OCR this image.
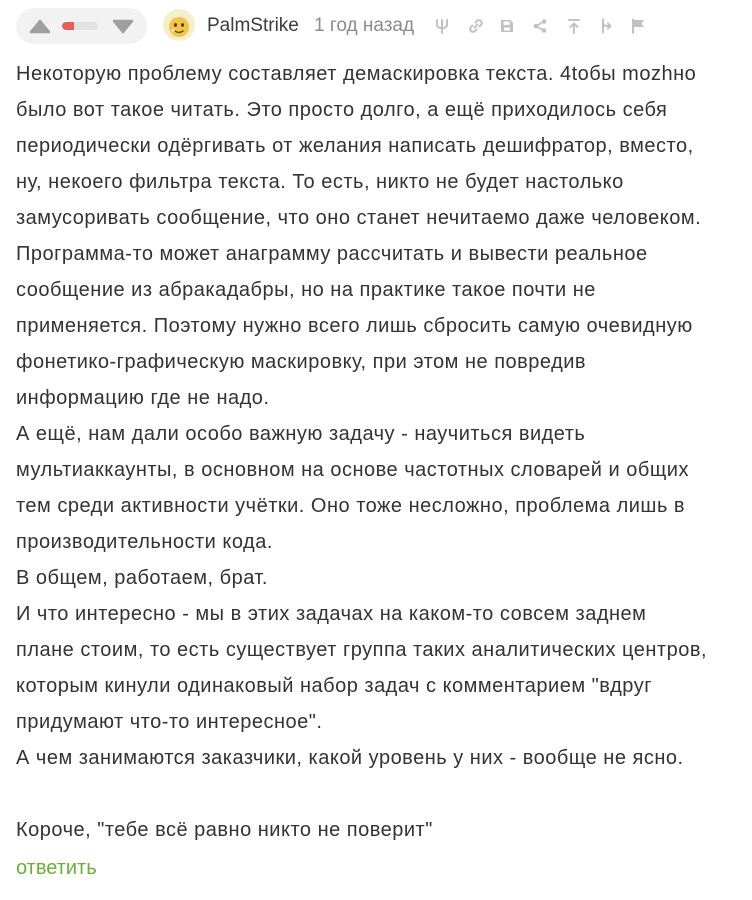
PalmStrike 1 год назад
Некоторую проблему составляет демаскировка текста. 4tобы mozhно
было вот такое читать. Это просто долго, а ещё приходилось себя
периодически одёргивать от желания написать дешифратор, вместо,
ну, некоего фильтра текста. То есть, никто не будет настолько
замусоривать сообщение, что оно станет нечитаемо даже человеком.
Программа-то может анаграмму рассчитать и вывести реальное
сообщение из абракадабры, но на практике такое почти не
применяется. Поэтому нужно всего лишь сбросить самую очевидную
фонетико-графическую маскировку, при этом не повредив
информацию где не надо.
А ещё, нам дали особо важную задачу - научиться видеть
мультиаккаунты, в основном на основе частотных словарей и общих
тем среди активности учётки. Оно тоже несложно, проблема лишь в
производительности кода.
В общем, работаем, брат.
И что интересно - мы в этих задачах на каком-то совсем заднем
плане стоим, то есть существует группа таких аналитических центров,
которым кинули одинаковый набор задач с комментарием "вдруг
придумают что-то интересное".
А чем занимаются заказчики, какой уровень у них - вообще не ясно.
Короче, "тебе всё равно никто не поверит"
ответить
